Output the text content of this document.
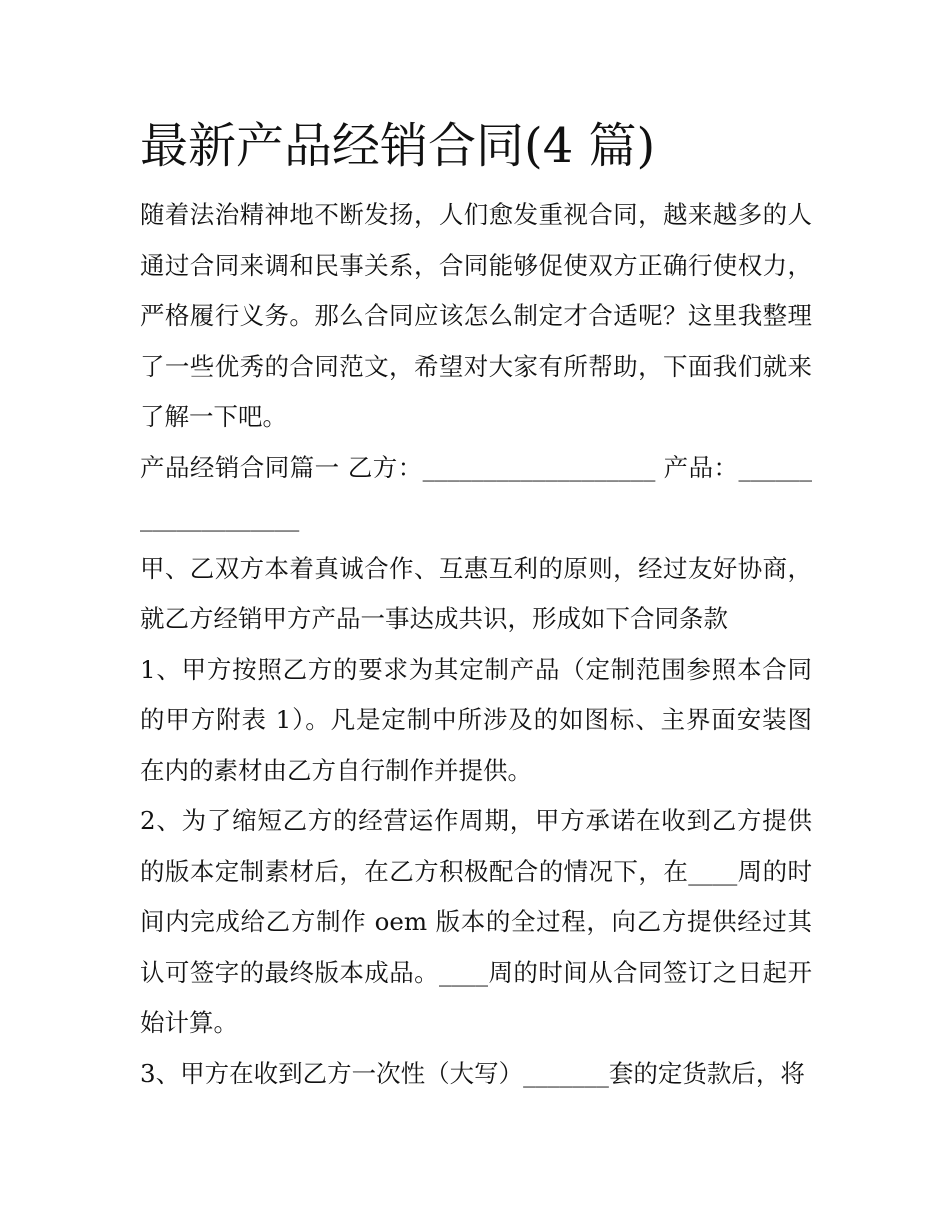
最新产品经销合同(4 篇)

随着法治精神地不断发扬，人们愈发重视合同，越来越多的人通过合同来调和民事关系，合同能够促使双方正确行使权力，严格履行义务。那么合同应该怎么制定才合适呢？这里我整理了一些优秀的合同范文，希望对大家有所帮助，下面我们就来了解一下吧。

产品经销合同篇一 乙方：___________________ 产品：___________________

甲、乙双方本着真诚合作、互惠互利的原则，经过友好协商，就乙方经销甲方产品一事达成共识，形成如下合同条款

1、甲方按照乙方的要求为其定制产品（定制范围参照本合同的甲方附表 1）。凡是定制中所涉及的如图标、主界面安装图在内的素材由乙方自行制作并提供。

2、为了缩短乙方的经营运作周期，甲方承诺在收到乙方提供的版本定制素材后，在乙方积极配合的情况下，在____周的时间内完成给乙方制作 oem 版本的全过程，向乙方提供经过其认可签字的最终版本成品。____周的时间从合同签订之日起开始计算。

3、甲方在收到乙方一次性（大写）_______套的定货款后，将
